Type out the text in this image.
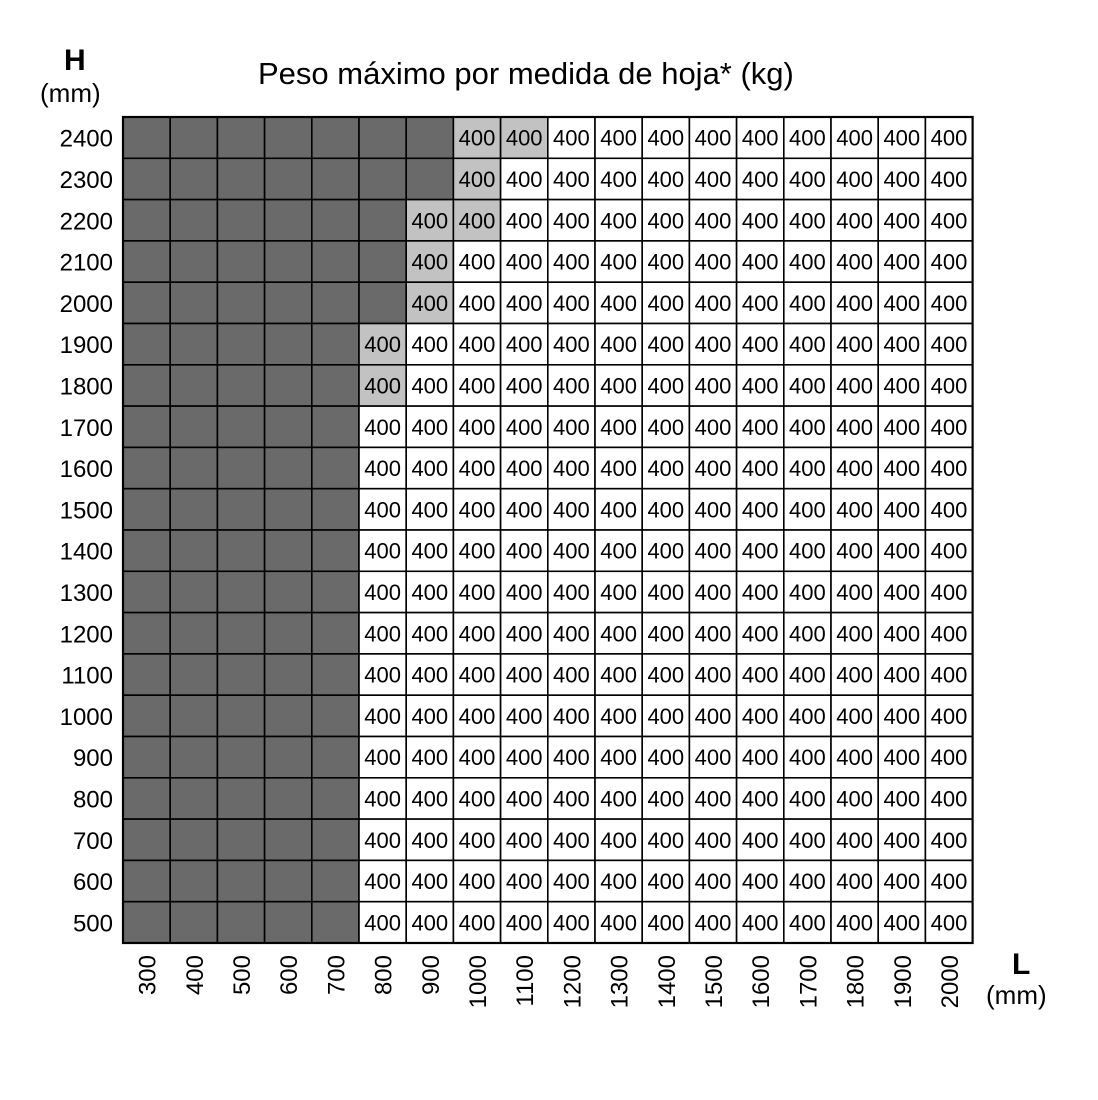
Peso máximo por medida de hoja* (kg)
H
(mm)
L
(mm)
400 400 400 400 400 400 400 400 400 400 400
400 400 400 400 400 400 400 400 400 400 400
400 400 400 400 400 400 400 400 400 400 400 400
400 400 400 400 400 400 400 400 400 400 400 400
400 400 400 400 400 400 400 400 400 400 400 400
400 400 400 400 400 400 400 400 400 400 400 400 400
400 400 400 400 400 400 400 400 400 400 400 400 400
400 400 400 400 400 400 400 400 400 400 400 400 400
400 400 400 400 400 400 400 400 400 400 400 400 400
400 400 400 400 400 400 400 400 400 400 400 400 400
400 400 400 400 400 400 400 400 400 400 400 400 400
400 400 400 400 400 400 400 400 400 400 400 400 400
400 400 400 400 400 400 400 400 400 400 400 400 400
400 400 400 400 400 400 400 400 400 400 400 400 400
400 400 400 400 400 400 400 400 400 400 400 400 400
400 400 400 400 400 400 400 400 400 400 400 400 400
400 400 400 400 400 400 400 400 400 400 400 400 400
400 400 400 400 400 400 400 400 400 400 400 400 400
400 400 400 400 400 400 400 400 400 400 400 400 400
400 400 400 400 400 400 400 400 400 400 400 400 400
2400
2300
2200
2100
2000
1900
1800
1700
1600
1500
1400
1300
1200
1100
1000
900
800
700
600
500
300 400 500 600 700 800 900 1000 1100 1200 1300 1400 1500 1600 1700 1800 1900 2000
